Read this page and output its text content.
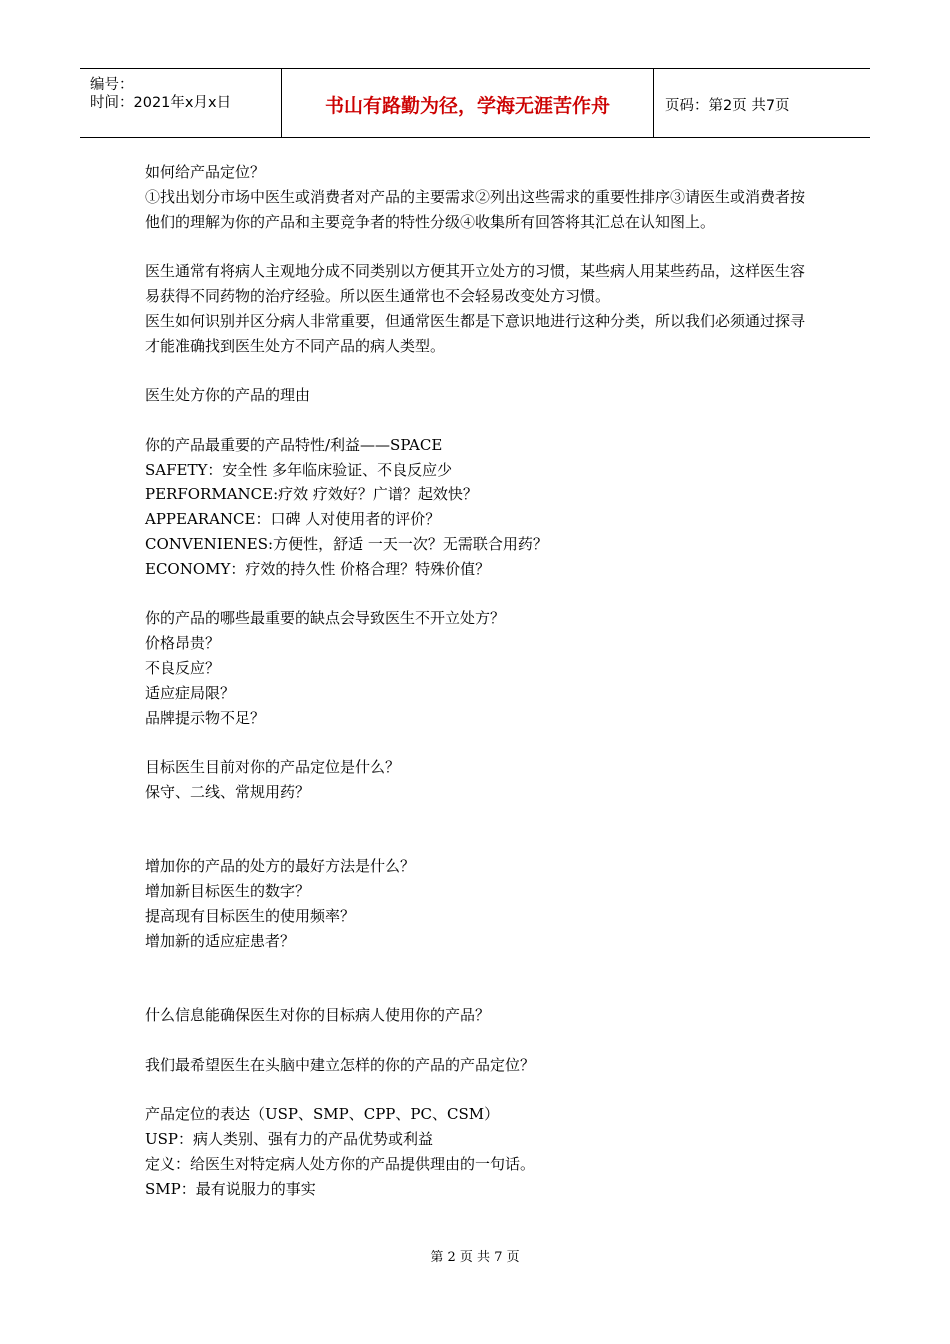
编号：
时间：2021年x月x日	书山有路勤为径，学海无涯苦作舟	页码：第2页 共7页
如何给产品定位？
①找出划分市场中医生或消费者对产品的主要需求②列出这些需求的重要性排序③请医生或消费者按他们的理解为你的产品和主要竞争者的特性分级④收集所有回答将其汇总在认知图上。
医生通常有将病人主观地分成不同类别以方便其开立处方的习惯，某些病人用某些药品，这样医生容易获得不同药物的治疗经验。所以医生通常也不会轻易改变处方习惯。
医生如何识别并区分病人非常重要，但通常医生都是下意识地进行这种分类，所以我们必须通过探寻才能准确找到医生处方不同产品的病人类型。
医生处方你的产品的理由
你的产品最重要的产品特性/利益——SPACE
SAFETY：安全性 多年临床验证、不良反应少
PERFORMANCE:疗效 疗效好？广谱？起效快？
APPEARANCE：口碑 人对使用者的评价？
CONVENIENES:方便性，舒适 一天一次？无需联合用药？
ECONOMY：疗效的持久性 价格合理？特殊价值？
你的产品的哪些最重要的缺点会导致医生不开立处方？
价格昂贵？
不良反应？
适应症局限？
品牌提示物不足？
目标医生目前对你的产品定位是什么？
保守、二线、常规用药？
增加你的产品的处方的最好方法是什么？
增加新目标医生的数字？
提高现有目标医生的使用频率？
增加新的适应症患者？
什么信息能确保医生对你的目标病人使用你的产品？
我们最希望医生在头脑中建立怎样的你的产品的产品定位？
产品定位的表达（USP、SMP、CPP、PC、CSM）
USP：病人类别、强有力的产品优势或利益
定义：给医生对特定病人处方你的产品提供理由的一句话。
SMP：最有说服力的事实
第 2 页 共 7 页
